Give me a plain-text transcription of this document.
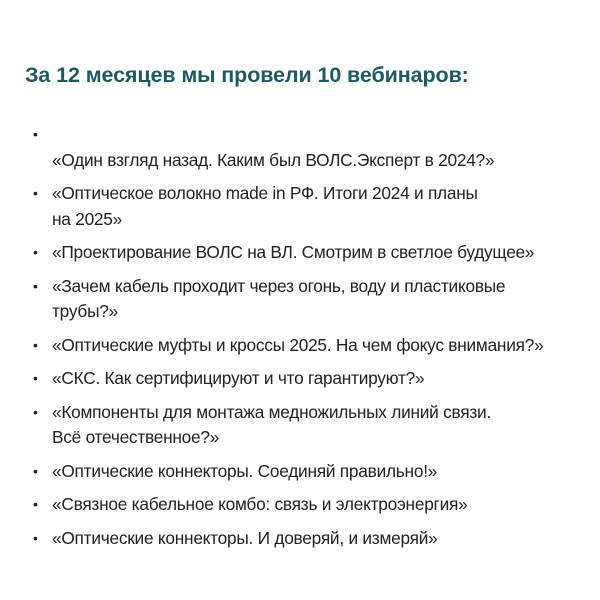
За 12 месяцев мы провели 10 вебинаров:
•
«Один взгляд назад. Каким был ВОЛС.Эксперт в 2024?»
• «Оптическое волокно made in РФ. Итоги 2024 и планы
на 2025»
• «Проектирование ВОЛС на ВЛ. Смотрим в светлое будущее»
• «Зачем кабель проходит через огонь, воду и пластиковые
трубы?»
• «Оптические муфты и кроссы 2025. На чем фокус внимания?»
• «СКС. Как сертифицируют и что гарантируют?»
• «Компоненты для монтажа медножильных линий связи.
Всё отечественное?»
• «Оптические коннекторы. Соединяй правильно!»
• «Связное кабельное комбо: связь и электроэнергия»
• «Оптические коннекторы. И доверяй, и измеряй»
